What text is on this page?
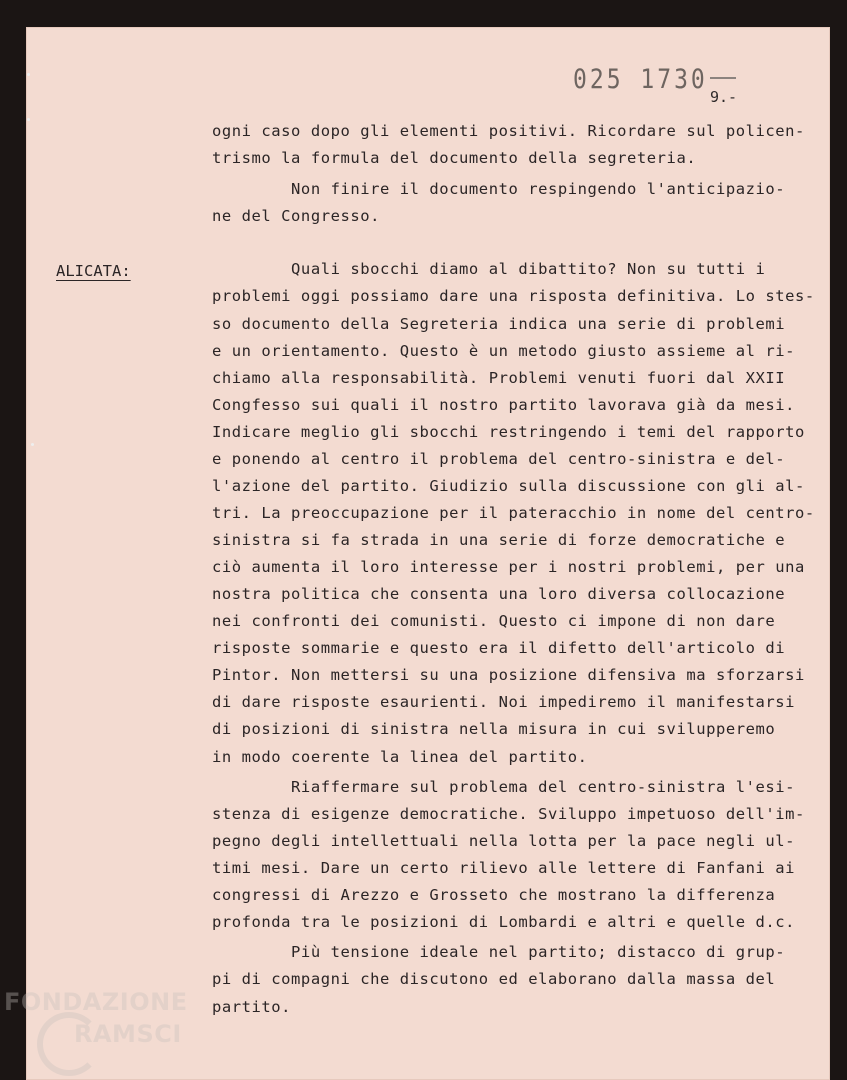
025 1730
9.-
ALICATA:
ogni caso dopo gli elementi positivi. Ricordare sul policen-
trismo la formula del documento della segreteria.
Non finire il documento respingendo l'anticipazio-
ne del Congresso.
Quali sbocchi diamo al dibattito? Non su tutti i
problemi oggi possiamo dare una risposta definitiva. Lo stes-
so documento della Segreteria indica una serie di problemi
e un orientamento. Questo è un metodo giusto assieme al ri-
chiamo alla responsabilità. Problemi venuti fuori dal XXII
Congfesso sui quali il nostro partito lavorava già da mesi.
Indicare meglio gli sbocchi restringendo i temi del rapporto
e ponendo al centro il problema del centro-sinistra e del-
l'azione del partito. Giudizio sulla discussione con gli al-
tri. La preoccupazione per il pateracchio in nome del centro-
sinistra si fa strada in una serie di forze democratiche e
ciò aumenta il loro interesse per i nostri problemi, per una
nostra politica che consenta una loro diversa collocazione
nei confronti dei comunisti. Questo ci impone di non dare
risposte sommarie e questo era il difetto dell'articolo di
Pintor. Non mettersi su una posizione difensiva ma sforzarsi
di dare risposte esaurienti. Noi impediremo il manifestarsi
di posizioni di sinistra nella misura in cui svilupperemo
in modo coerente la linea del partito.
Riaffermare sul problema del centro-sinistra l'esi-
stenza di esigenze democratiche. Sviluppo impetuoso dell'im-
pegno degli intellettuali nella lotta per la pace negli ul-
timi mesi. Dare un certo rilievo alle lettere di Fanfani ai
congressi di Arezzo e Grosseto che mostrano la differenza
profonda tra le posizioni di Lombardi e altri e quelle d.c.
Più tensione ideale nel partito; distacco di grup-
pi di compagni che discutono ed elaborano dalla massa del
partito.
FONDAZIONE
RAMSCI
